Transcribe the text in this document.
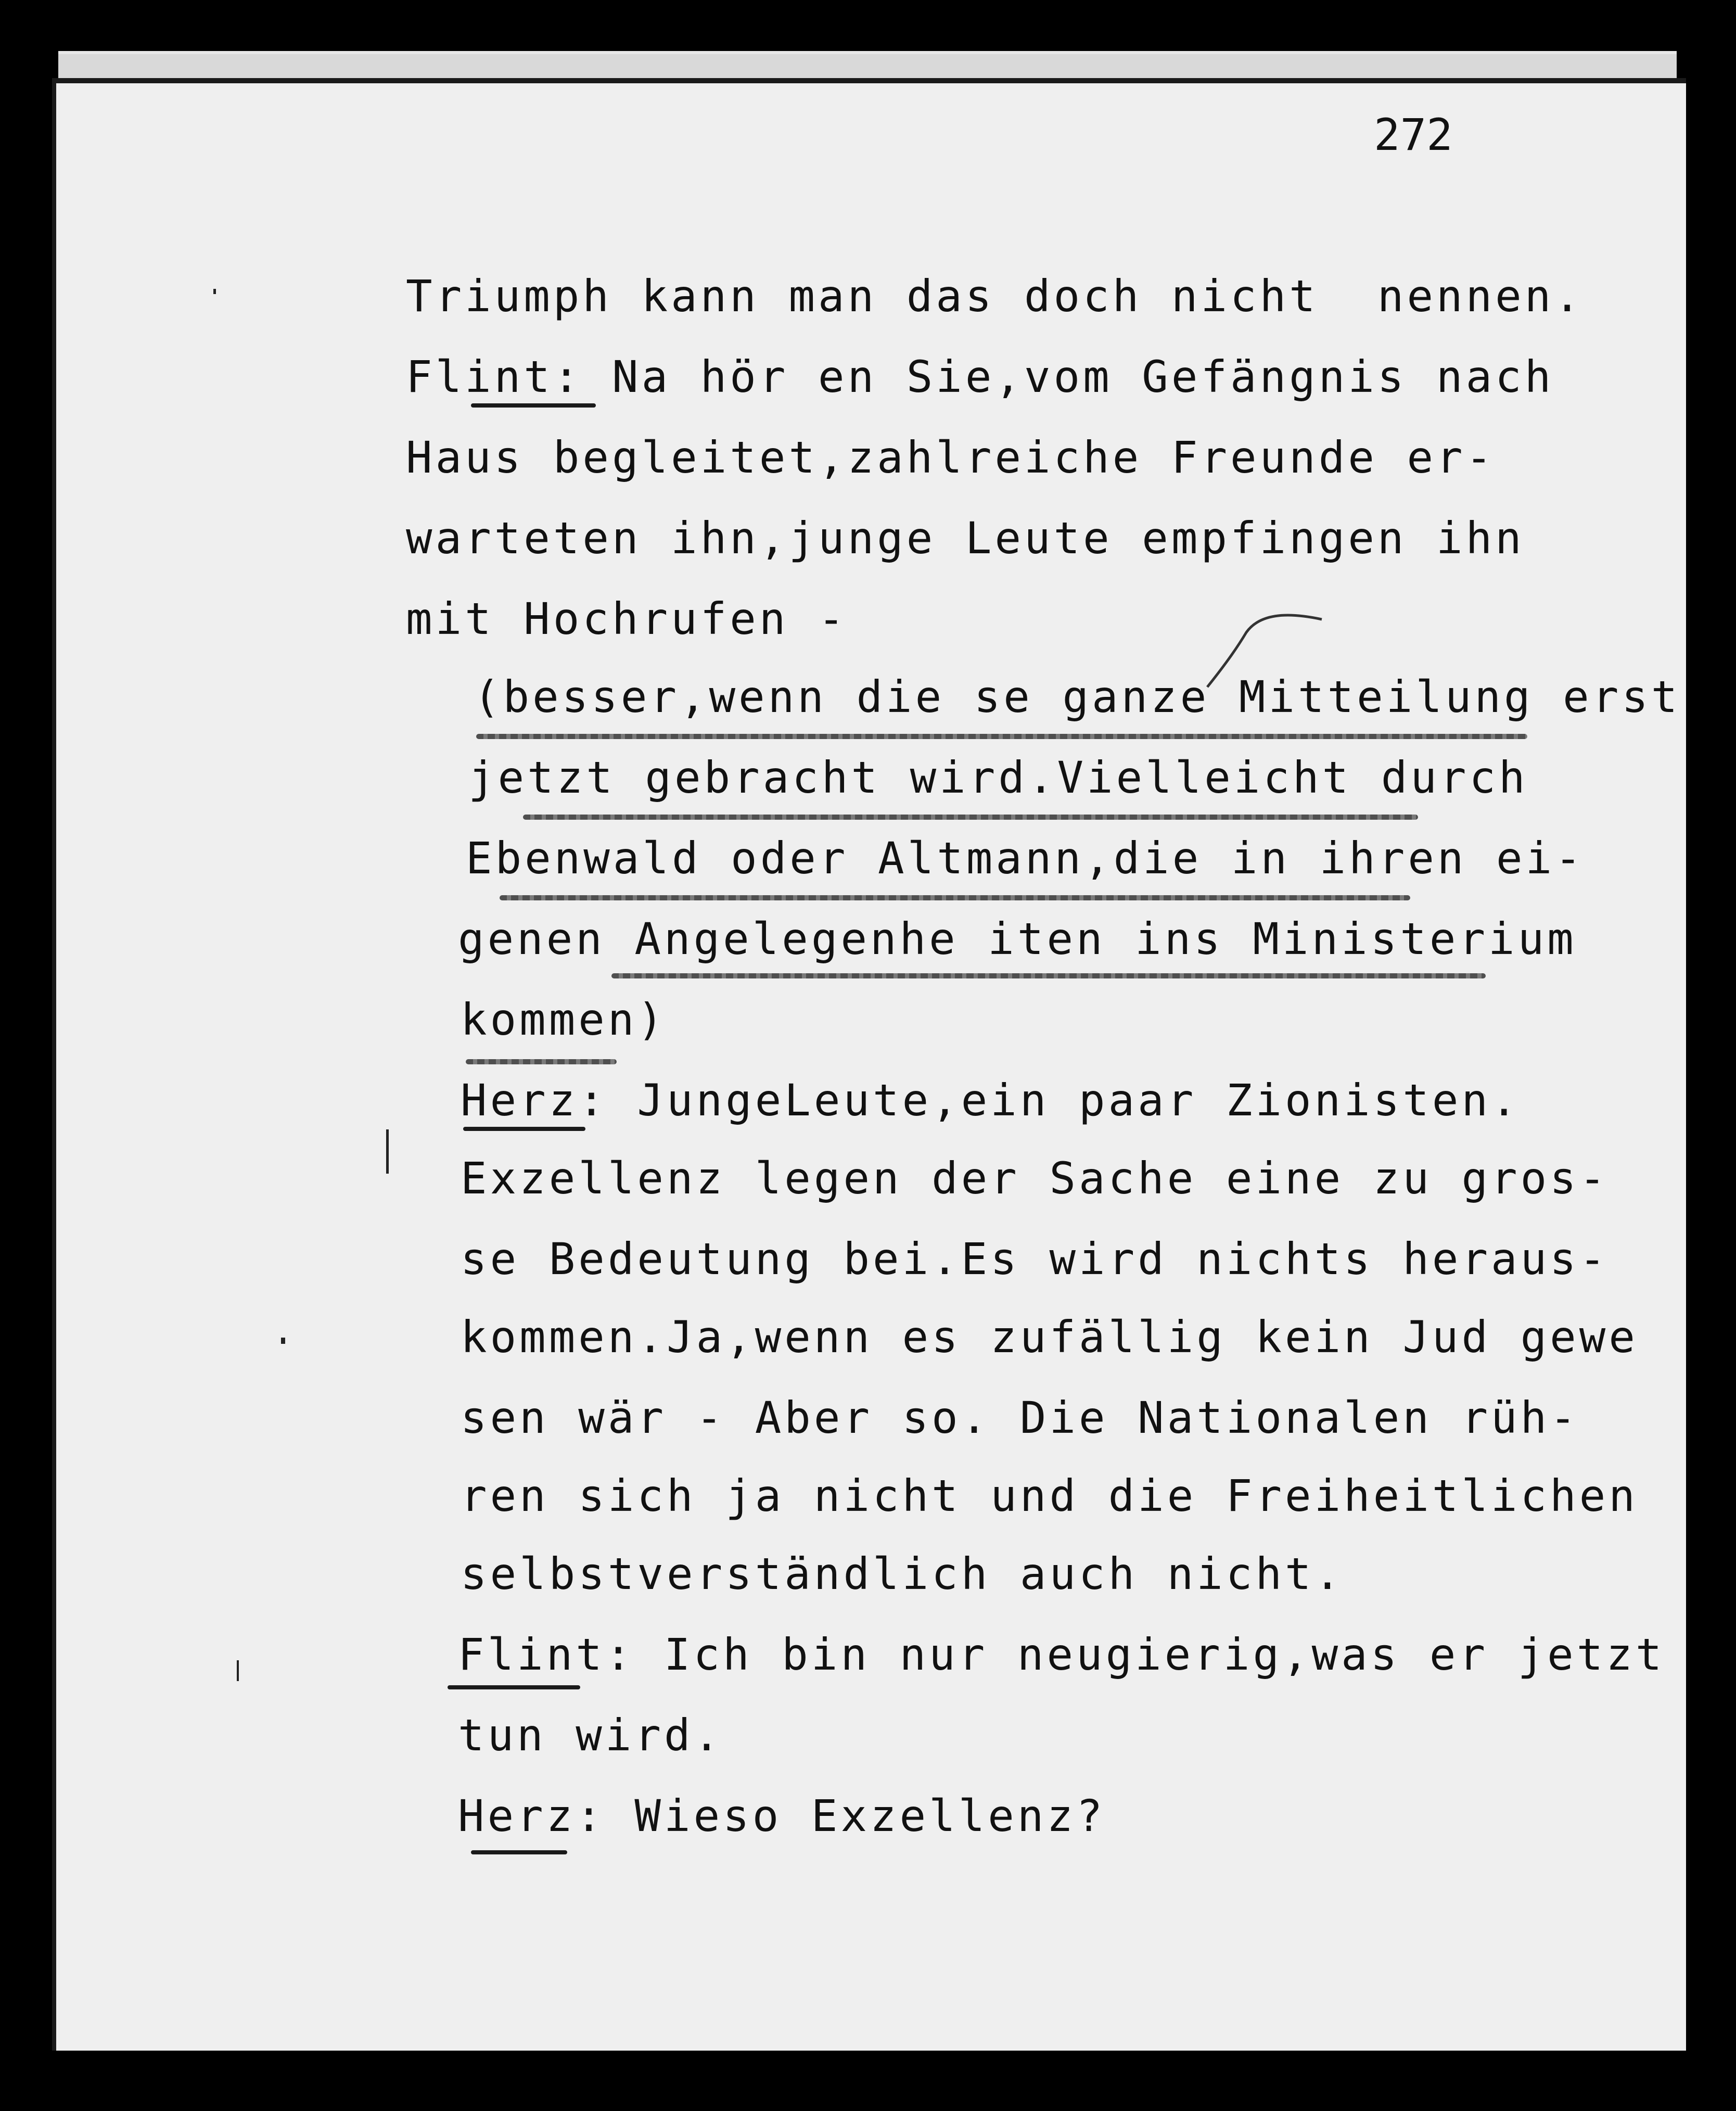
272
Triumph kann man das doch nicht  nennen.
Flint: Na hör en Sie,vom Gefängnis nach
Haus begleitet,zahlreiche Freunde er-
warteten ihn,junge Leute empfingen ihn
mit Hochrufen -
(besser,wenn die se ganze Mitteilung erst
jetzt gebracht wird.Vielleicht durch
Ebenwald oder Altmann,die in ihren ei-
genen Angelegenhe iten ins Ministerium
kommen)
Herz: JungeLeute,ein paar Zionisten.
Exzellenz legen der Sache eine zu gros-
se Bedeutung bei.Es wird nichts heraus-
kommen.Ja,wenn es zufällig kein Jud gewe
sen wär - Aber so. Die Nationalen rüh-
ren sich ja nicht und die Freiheitlichen
selbstverständlich auch nicht.
Flint: Ich bin nur neugierig,was er jetzt
tun wird.
Herz: Wieso Exzellenz?
